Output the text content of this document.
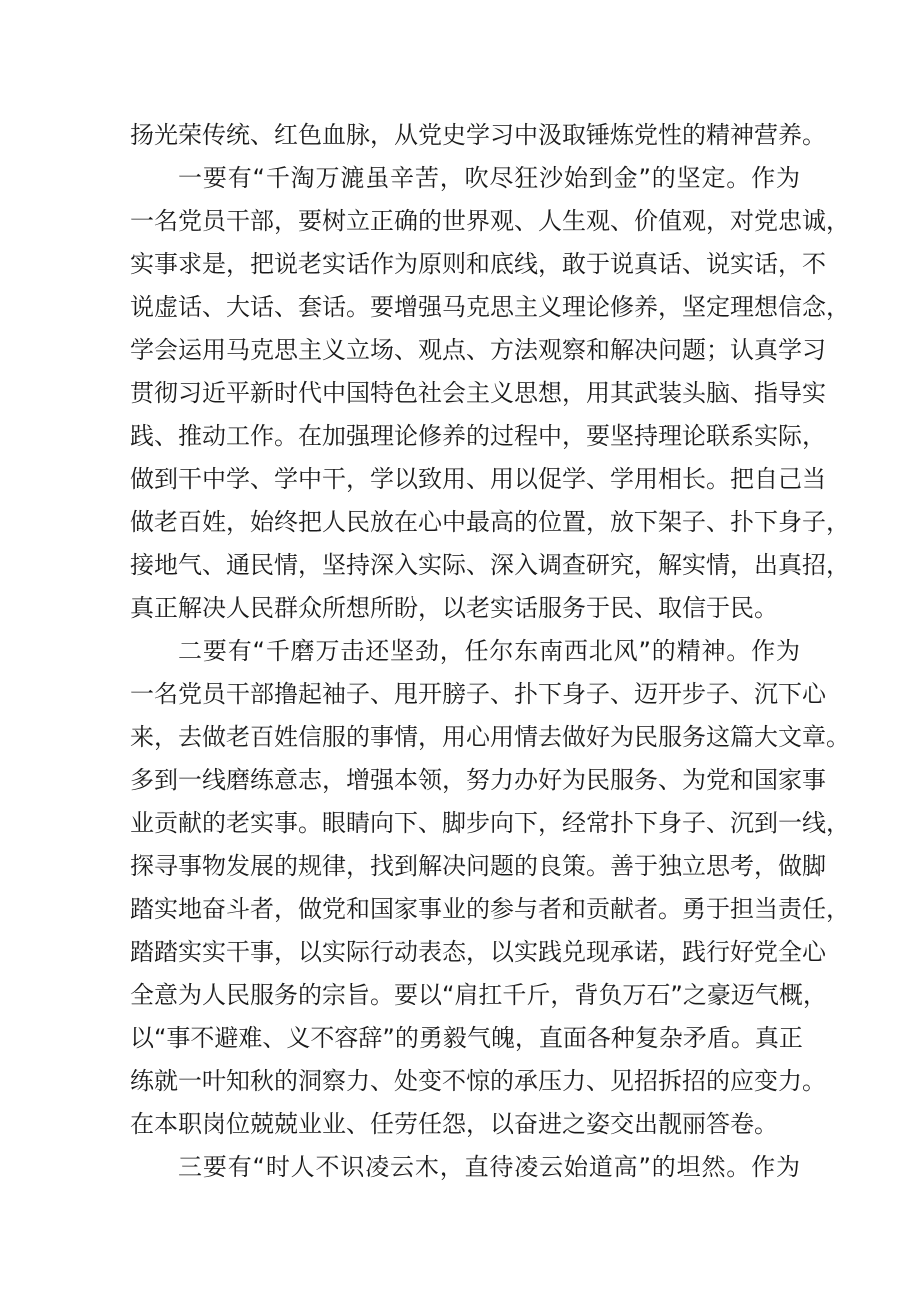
扬光荣传统、红色血脉，从党史学习中汲取锤炼党性的精神营养。
一要有“千淘万漉虽辛苦，吹尽狂沙始到金”的坚定。作为
一名党员干部，要树立正确的世界观、人生观、价值观，对党忠诚，
实事求是，把说老实话作为原则和底线，敢于说真话、说实话，不
说虚话、大话、套话。要增强马克思主义理论修养，坚定理想信念，
学会运用马克思主义立场、观点、方法观察和解决问题；认真学习
贯彻习近平新时代中国特色社会主义思想，用其武装头脑、指导实
践、推动工作。在加强理论修养的过程中，要坚持理论联系实际，
做到干中学、学中干，学以致用、用以促学、学用相长。把自己当
做老百姓，始终把人民放在心中最高的位置，放下架子、扑下身子，
接地气、通民情，坚持深入实际、深入调查研究，解实情，出真招，
真正解决人民群众所想所盼，以老实话服务于民、取信于民。
二要有“千磨万击还坚劲，任尔东南西北风”的精神。作为
一名党员干部撸起袖子、甩开膀子、扑下身子、迈开步子、沉下心
来，去做老百姓信服的事情，用心用情去做好为民服务这篇大文章。
多到一线磨练意志，增强本领，努力办好为民服务、为党和国家事
业贡献的老实事。眼睛向下、脚步向下，经常扑下身子、沉到一线，
探寻事物发展的规律，找到解决问题的良策。善于独立思考，做脚
踏实地奋斗者，做党和国家事业的参与者和贡献者。勇于担当责任，
踏踏实实干事，以实际行动表态，以实践兑现承诺，践行好党全心
全意为人民服务的宗旨。要以“肩扛千斤，背负万石”之豪迈气概，
以“事不避难、义不容辞”的勇毅气魄，直面各种复杂矛盾。真正
练就一叶知秋的洞察力、处变不惊的承压力、见招拆招的应变力。
在本职岗位兢兢业业、任劳任怨，以奋进之姿交出靓丽答卷。
三要有“时人不识凌云木，直待凌云始道高”的坦然。作为
